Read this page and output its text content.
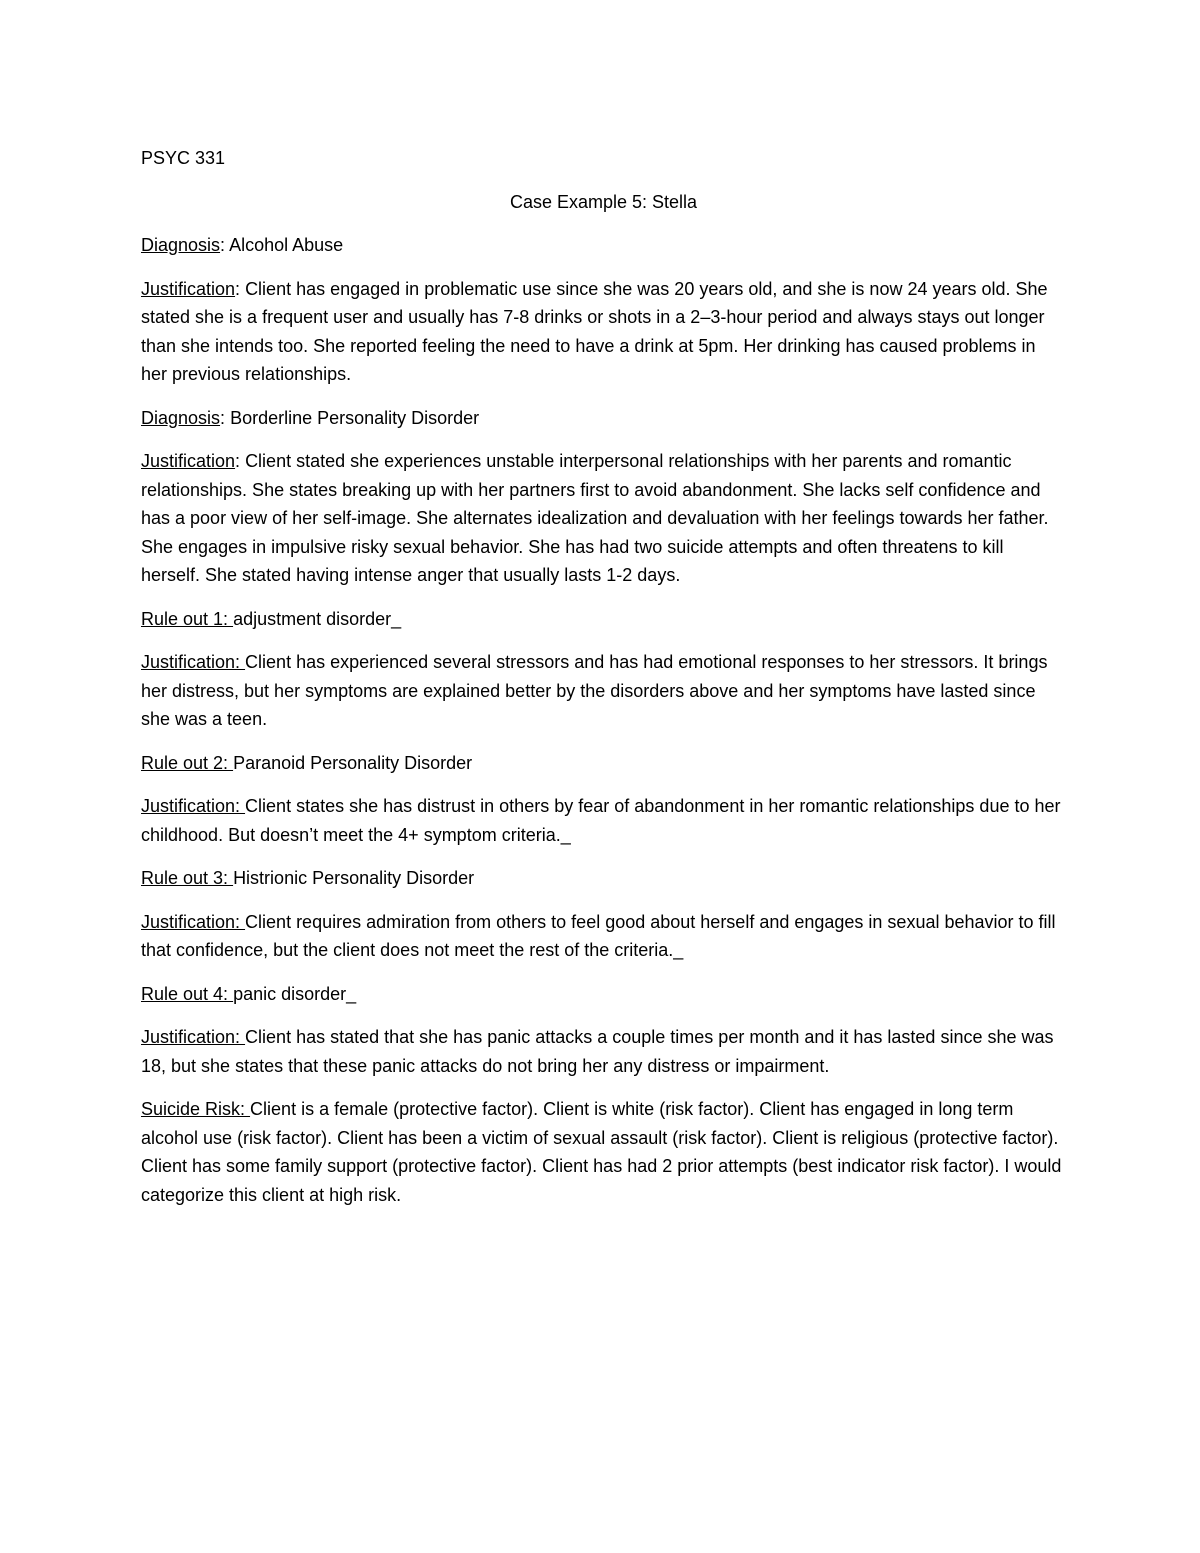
PSYC 331
Case Example 5: Stella

Diagnosis: Alcohol Abuse

Justification: Client has engaged in problematic use since she was 20 years old, and she is now 24 years old. She stated she is a frequent user and usually has 7-8 drinks or shots in a 2–3-hour period and always stays out longer than she intends too. She reported feeling the need to have a drink at 5pm. Her drinking has caused problems in her previous relationships.

Diagnosis: Borderline Personality Disorder

Justification: Client stated she experiences unstable interpersonal relationships with her parents and romantic relationships. She states breaking up with her partners first to avoid abandonment. She lacks self confidence and has a poor view of her self-image. She alternates idealization and devaluation with her feelings towards her father. She engages in impulsive risky sexual behavior. She has had two suicide attempts and often threatens to kill herself. She stated having intense anger that usually lasts 1-2 days.

Rule out 1: adjustment disorder_

Justification: Client has experienced several stressors and has had emotional responses to her stressors. It brings her distress, but her symptoms are explained better by the disorders above and her symptoms have lasted since she was a teen.

Rule out 2: Paranoid Personality Disorder

Justification: Client states she has distrust in others by fear of abandonment in her romantic relationships due to her childhood. But doesn’t meet the 4+ symptom criteria._

Rule out 3: Histrionic Personality Disorder

Justification: Client requires admiration from others to feel good about herself and engages in sexual behavior to fill that confidence, but the client does not meet the rest of the criteria._

Rule out 4: panic disorder_

Justification: Client has stated that she has panic attacks a couple times per month and it has lasted since she was 18, but she states that these panic attacks do not bring her any distress or impairment.

Suicide Risk: Client is a female (protective factor). Client is white (risk factor). Client has engaged in long term alcohol use (risk factor). Client has been a victim of sexual assault (risk factor). Client is religious (protective factor). Client has some family support (protective factor). Client has had 2 prior attempts (best indicator risk factor). I would categorize this client at high risk.
